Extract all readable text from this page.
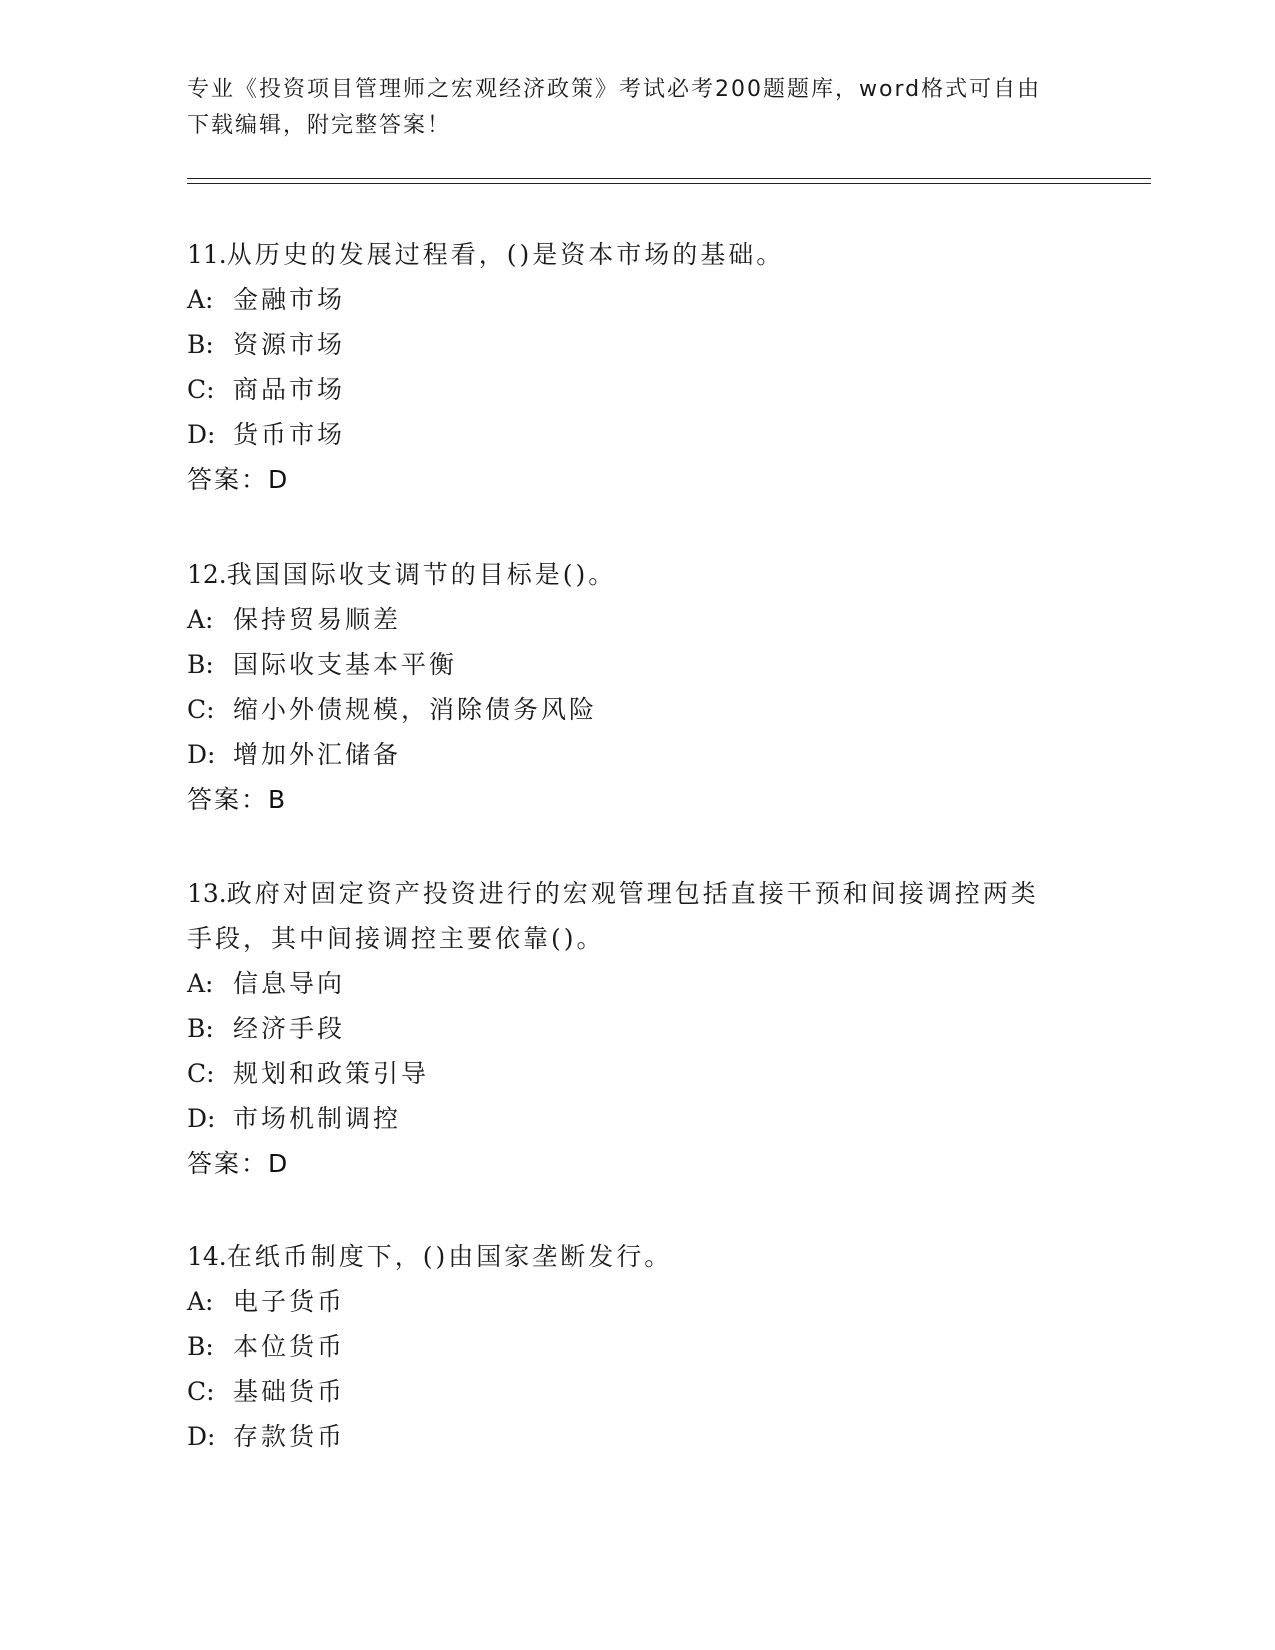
专业《投资项目管理师之宏观经济政策》考试必考200题题库，word格式可自由
下载编辑，附完整答案！
11.从历史的发展过程看，()是资本市场的基础。
A: 金融市场
B: 资源市场
C: 商品市场
D: 货币市场
答案：D
12.我国国际收支调节的目标是()。
A: 保持贸易顺差
B: 国际收支基本平衡
C: 缩小外债规模，消除债务风险
D: 增加外汇储备
答案：B
13.政府对固定资产投资进行的宏观管理包括直接干预和间接调控两类
手段，其中间接调控主要依靠()。
A: 信息导向
B: 经济手段
C: 规划和政策引导
D: 市场机制调控
答案：D
14.在纸币制度下，()由国家垄断发行。
A: 电子货币
B: 本位货币
C: 基础货币
D: 存款货币
